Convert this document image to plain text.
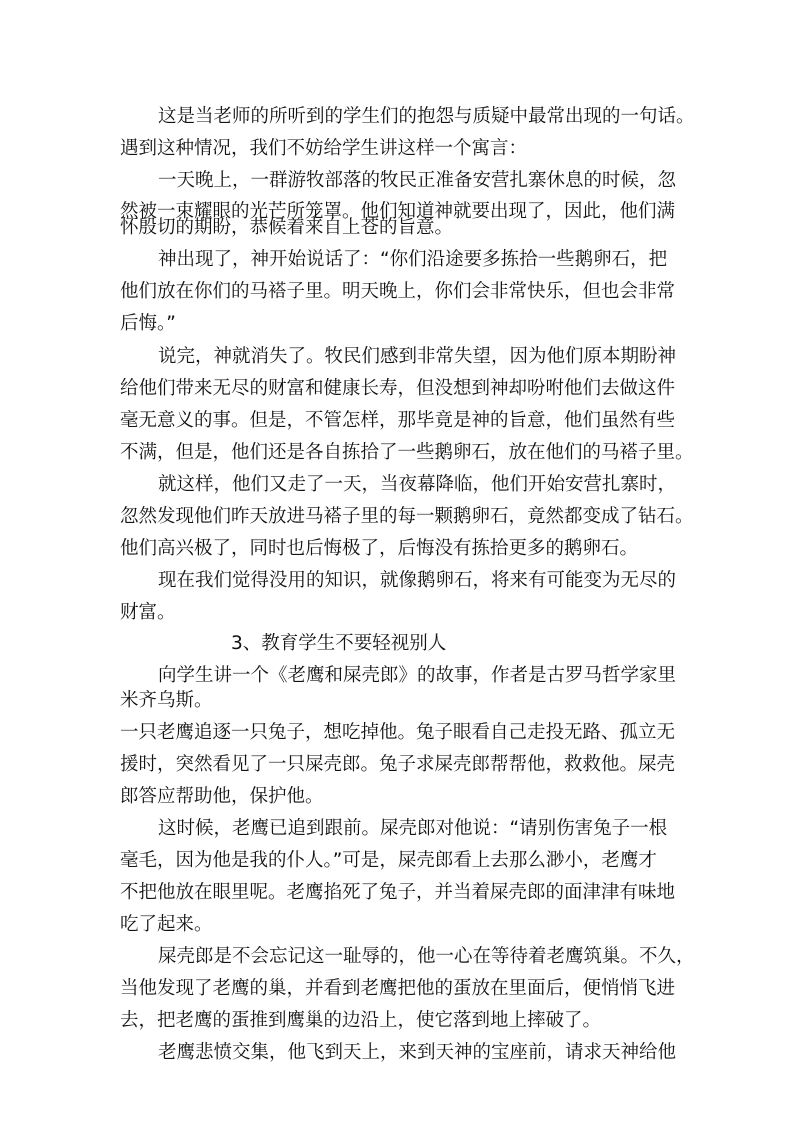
这是当老师的所听到的学生们的抱怨与质疑中最常出现的一句话。
遇到这种情况，我们不妨给学生讲这样一个寓言：
一天晚上，一群游牧部落的牧民正准备安营扎寨休息的时候，忽
然被一束耀眼的光芒所笼罩。他们知道神就要出现了，因此，他们满
怀殷切的期盼，恭候着来自上苍的旨意。
神出现了，神开始说话了：“你们沿途要多拣拾一些鹅卵石，把
他们放在你们的马褡子里。明天晚上，你们会非常快乐，但也会非常
后悔。”
说完，神就消失了。牧民们感到非常失望，因为他们原本期盼神
给他们带来无尽的财富和健康长寿，但没想到神却吩咐他们去做这件
毫无意义的事。但是，不管怎样，那毕竟是神的旨意，他们虽然有些
不满，但是，他们还是各自拣拾了一些鹅卵石，放在他们的马褡子里。
就这样，他们又走了一天，当夜幕降临，他们开始安营扎寨时，
忽然发现他们昨天放进马褡子里的每一颗鹅卵石，竟然都变成了钻石。
他们高兴极了，同时也后悔极了，后悔没有拣拾更多的鹅卵石。
现在我们觉得没用的知识，就像鹅卵石，将来有可能变为无尽的
财富。
3、教育学生不要轻视别人
向学生讲一个《老鹰和屎壳郎》的故事，作者是古罗马哲学家里
米齐乌斯。
一只老鹰追逐一只兔子，想吃掉他。兔子眼看自己走投无路、孤立无
援时，突然看见了一只屎壳郎。兔子求屎壳郎帮帮他，救救他。屎壳
郎答应帮助他，保护他。
这时候，老鹰已追到跟前。屎壳郎对他说：“请别伤害兔子一根
毫毛，因为他是我的仆人。”可是，屎壳郎看上去那么渺小，老鹰才
不把他放在眼里呢。老鹰掐死了兔子，并当着屎壳郎的面津津有味地
吃了起来。
屎壳郎是不会忘记这一耻辱的，他一心在等待着老鹰筑巢。不久，
当他发现了老鹰的巢，并看到老鹰把他的蛋放在里面后，便悄悄飞进
去，把老鹰的蛋推到鹰巢的边沿上，使它落到地上摔破了。
老鹰悲愤交集，他飞到天上，来到天神的宝座前，请求天神给他
